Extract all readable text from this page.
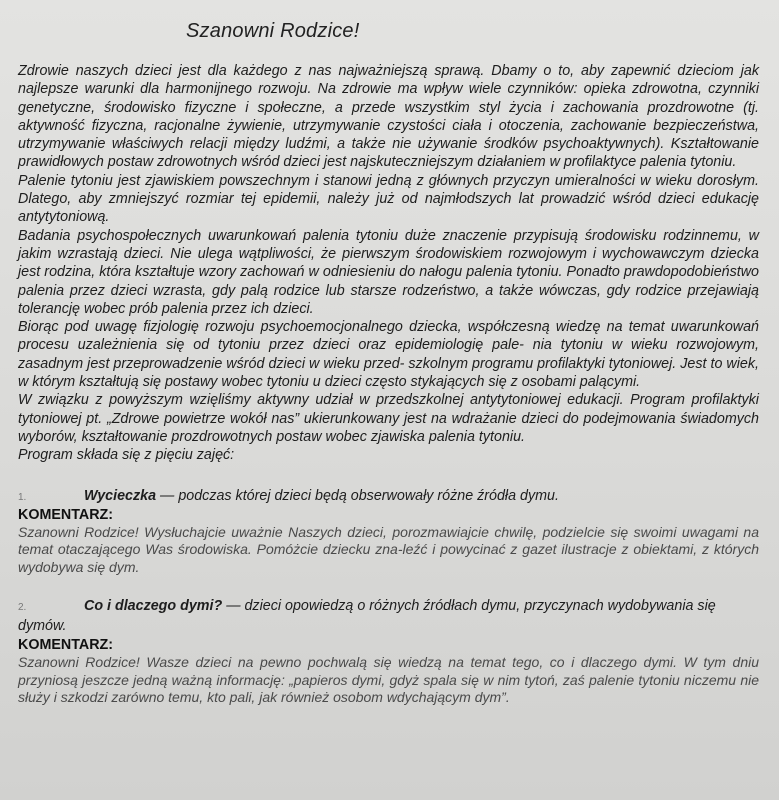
Szanowni Rodzice!

Zdrowie naszych dzieci jest dla każdego z nas najważniejszą sprawą. Dbamy o to, aby zapewnić dzieciom jak najlepsze warunki dla harmonijnego rozwoju. Na zdrowie ma wpływ wiele czynników: opieka zdrowotna, czynniki genetyczne, środowisko fizyczne i społeczne, a przede wszystkim styl życia i zachowania prozdrowotne (tj. aktywność fizyczna, racjonalne żywienie, utrzymywanie czystości ciała i otoczenia, zachowanie bezpieczeństwa, utrzymywanie właściwych relacji między ludźmi, a także nie używanie środków psychoaktywnych). Kształtowanie prawidłowych postaw zdrowotnych wśród dzieci jest najskuteczniejszym działaniem w profilaktyce palenia tytoniu.

Palenie tytoniu jest zjawiskiem powszechnym i stanowi jedną z głównych przyczyn umieralności w wieku dorosłym. Dlatego, aby zmniejszyć rozmiar tej epidemii, należy już od najmłodszych lat prowadzić wśród dzieci edukację antytytoniową.

Badania psychospołecznych uwarunkowań palenia tytoniu duże znaczenie przypisują środowisku rodzinnemu, w jakim wzrastają dzieci. Nie ulega wątpliwości, że pierwszym środowiskiem rozwojowym i wychowawczym dziecka jest rodzina, która kształtuje wzory zachowań w odniesieniu do nałogu palenia tytoniu. Ponadto prawdopodobieństwo palenia przez dzieci wzrasta, gdy palą rodzice lub starsze rodzeństwo, a także wówczas, gdy rodzice przejawiają tolerancję wobec prób palenia przez ich dzieci.

Biorąc pod uwagę fizjologię rozwoju psychoemocjonalnego dziecka, współczesną wiedzę na temat uwarunkowań procesu uzależnienia się od tytoniu przez dzieci oraz epidemiologię pale- nia tytoniu w wieku rozwojowym, zasadnym jest przeprowadzenie wśród dzieci w wieku przed- szkolnym programu profilaktyki tytoniowej. Jest to wiek, w którym kształtują się postawy wobec tytoniu u dzieci często stykających się z osobami palącymi.

W związku z powyższym wzięliśmy aktywny udział w przedszkolnej antytytoniowej edukacji. Program profilaktyki tytoniowej pt. „Zdrowe powietrze wokół nas” ukierunkowany jest na wdrażanie dzieci do podejmowania świadomych wyborów, kształtowanie prozdrowotnych postaw wobec zjawiska palenia tytoniu.

Program składa się z pięciu zajęć:

1.	Wycieczka — podczas której dzieci będą obserwowały różne źródła dymu.

KOMENTARZ:

Szanowni Rodzice! Wysłuchajcie uważnie Naszych dzieci, porozmawiajcie chwilę, podzielcie się swoimi uwagami na temat otaczającego Was środowiska. Pomóżcie dziecku zna-leźć i powycinać z gazet ilustracje z obiektami, z których wydobywa się dym.

2.	Co i dlaczego dymi? — dzieci opowiedzą o różnych źródłach dymu, przyczynach wydobywania się dymów.

KOMENTARZ:

Szanowni Rodzice! Wasze dzieci na pewno pochwalą się wiedzą na temat tego, co i dlaczego dymi. W tym dniu przyniosą jeszcze jedną ważną informację: „papieros dymi, gdyż spala się w nim tytoń, zaś palenie tytoniu niczemu nie służy i szkodzi zarówno temu, kto pali, jak również osobom wdychającym dym”.
